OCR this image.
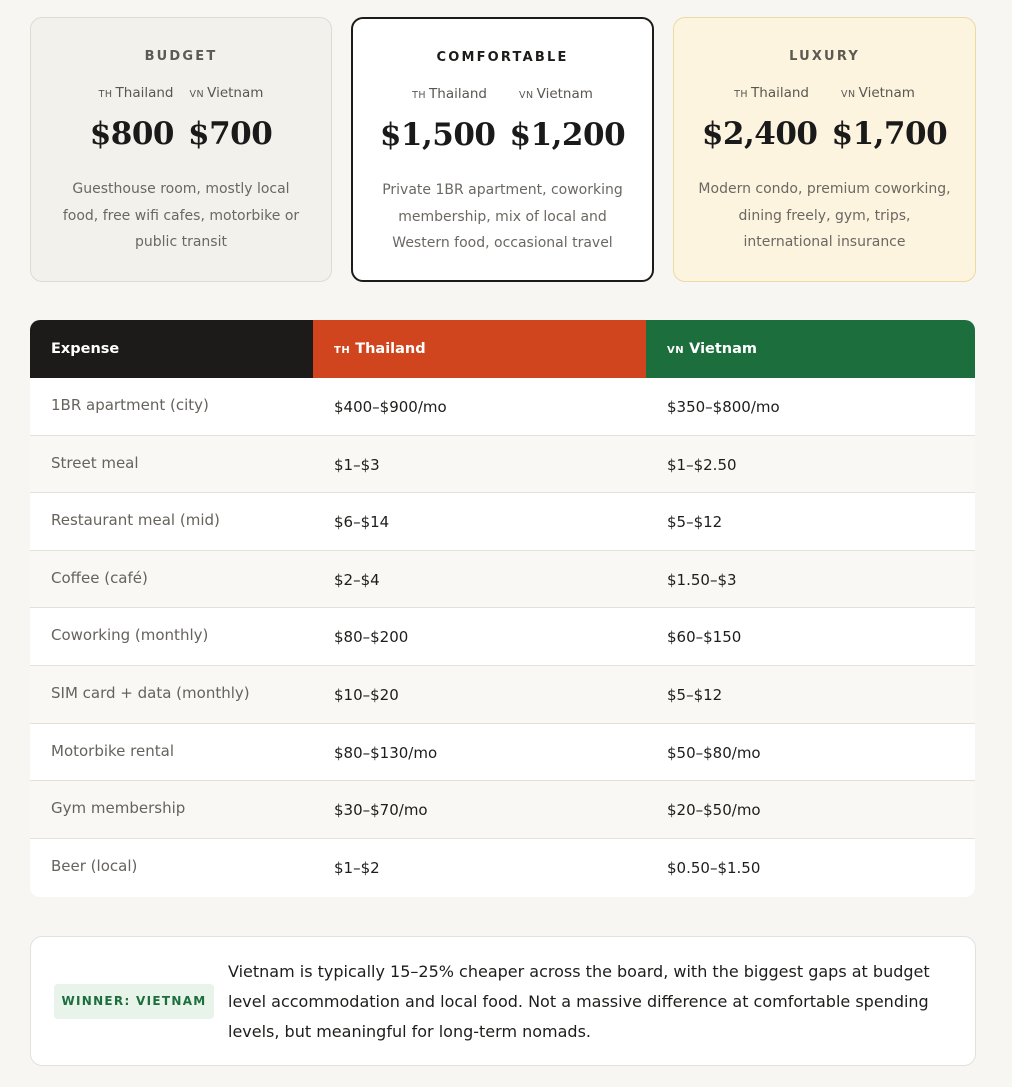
BUDGET
TH Thailand VN Vietnam
$800 $700
Guesthouse room, mostly local food, free wifi cafes, motorbike or public transit
COMFORTABLE
TH Thailand	VN Vietnam
$1,500 $1,200
Private 1BR apartment, coworking membership, mix of local and Western food, occasional travel
LUXURY
TH Thailand	VN Vietnam
$2,400 $1,700
Modern condo, premium coworking, dining freely, gym, trips, international insurance
Expense	TH Thailand	VN Vietnam
1BR apartment (city)	$400–$900/mo	$350–$800/mo
Street meal	$1–$3	$1–$2.50
Restaurant meal (mid)	$6–$14	$5–$12
Coffee (café)	$2–$4	$1.50–$3
Coworking (monthly)	$80–$200	$60–$150
SIM card + data (monthly)	$10–$20	$5–$12
Motorbike rental	$80–$130/mo	$50–$80/mo
Gym membership	$30–$70/mo	$20–$50/mo
Beer (local)	$1–$2	$0.50–$1.50
WINNER: VIETNAM
Vietnam is typically 15–25% cheaper across the board, with the biggest gaps at budget level accommodation and local food. Not a massive difference at comfortable spending levels, but meaningful for long-term nomads.
